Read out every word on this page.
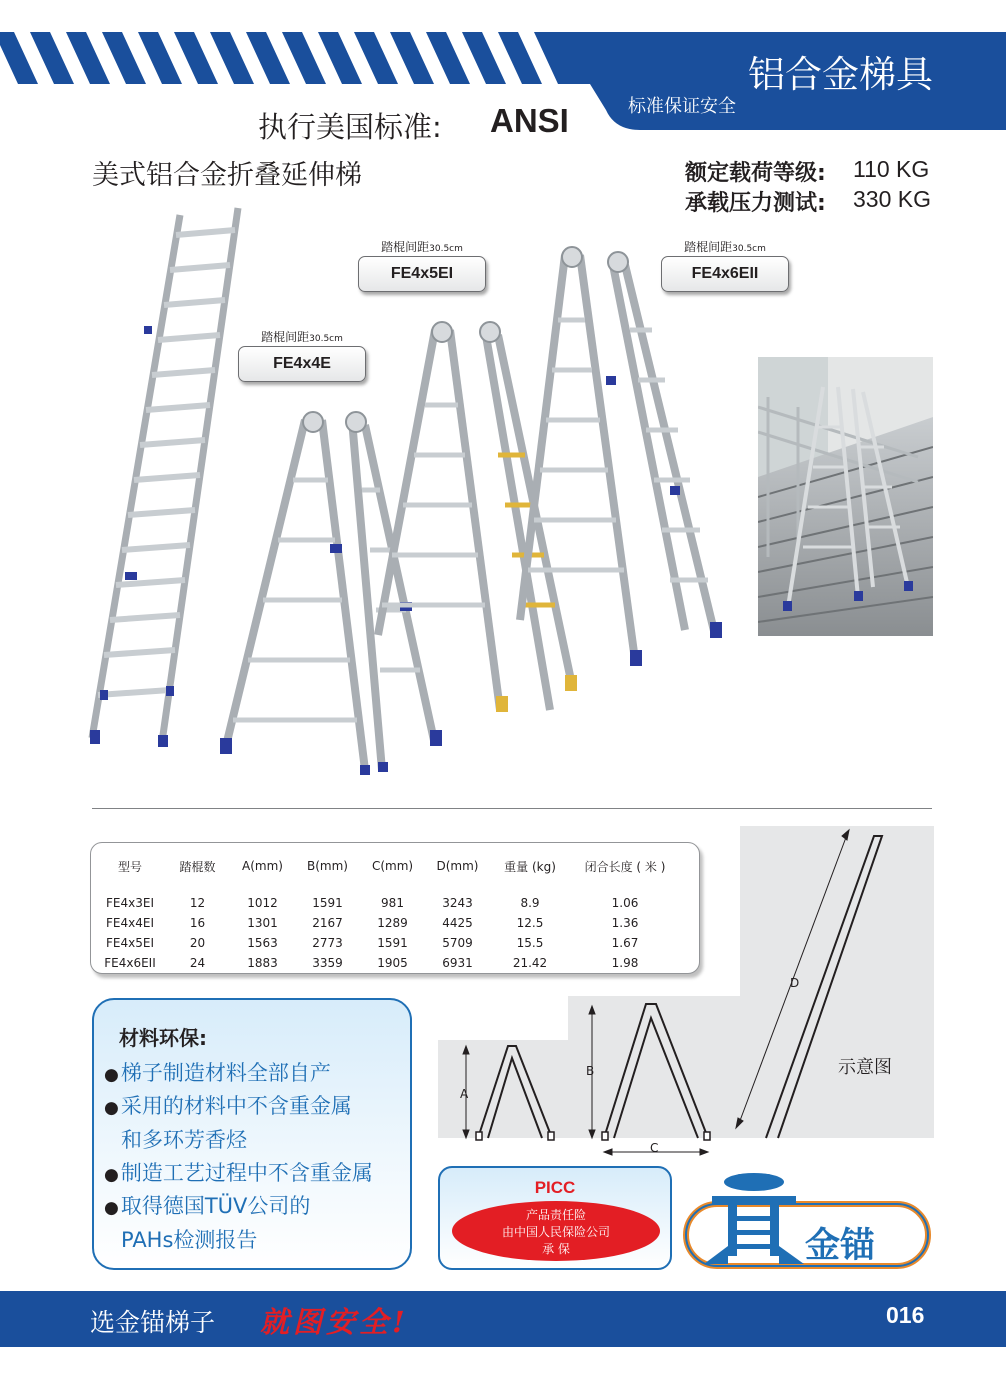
铝合金梯具
标准保证安全
执行美国标准: ANSI
美式铝合金折叠延伸梯	额定载荷等级: 110 KG
承载压力测试: 330 KG
踏棍间距30.5cm
FE4x4E
踏棍间距30.5cm
FE4x5EI
踏棍间距30.5cm
FE4x6EII
型号	踏棍数	A(mm)	B(mm)	C(mm)	D(mm)	重量 (kg)	闭合长度 ( 米 )
FE4x3EI	12	1012	1591	981	3243	8.9	1.06
FE4x4EI	16	1301	2167	1289	4425	12.5	1.36
FE4x5EI	20	1563	2773	1591	5709	15.5	1.67
FE4x6EII	24	1883	3359	1905	6931	21.42	1.98
A
B
C
D
示意图
材料环保:
●梯子制造材料全部自产
●采用的材料中不含重金属
和多环芳香烃
●制造工艺过程中不含重金属
●取得德国TÜV公司的
PAHs检测报告
PICC
产品责任险
由中国人民保险公司
承 保	金锚
选金锚梯子 就图安全!	016
